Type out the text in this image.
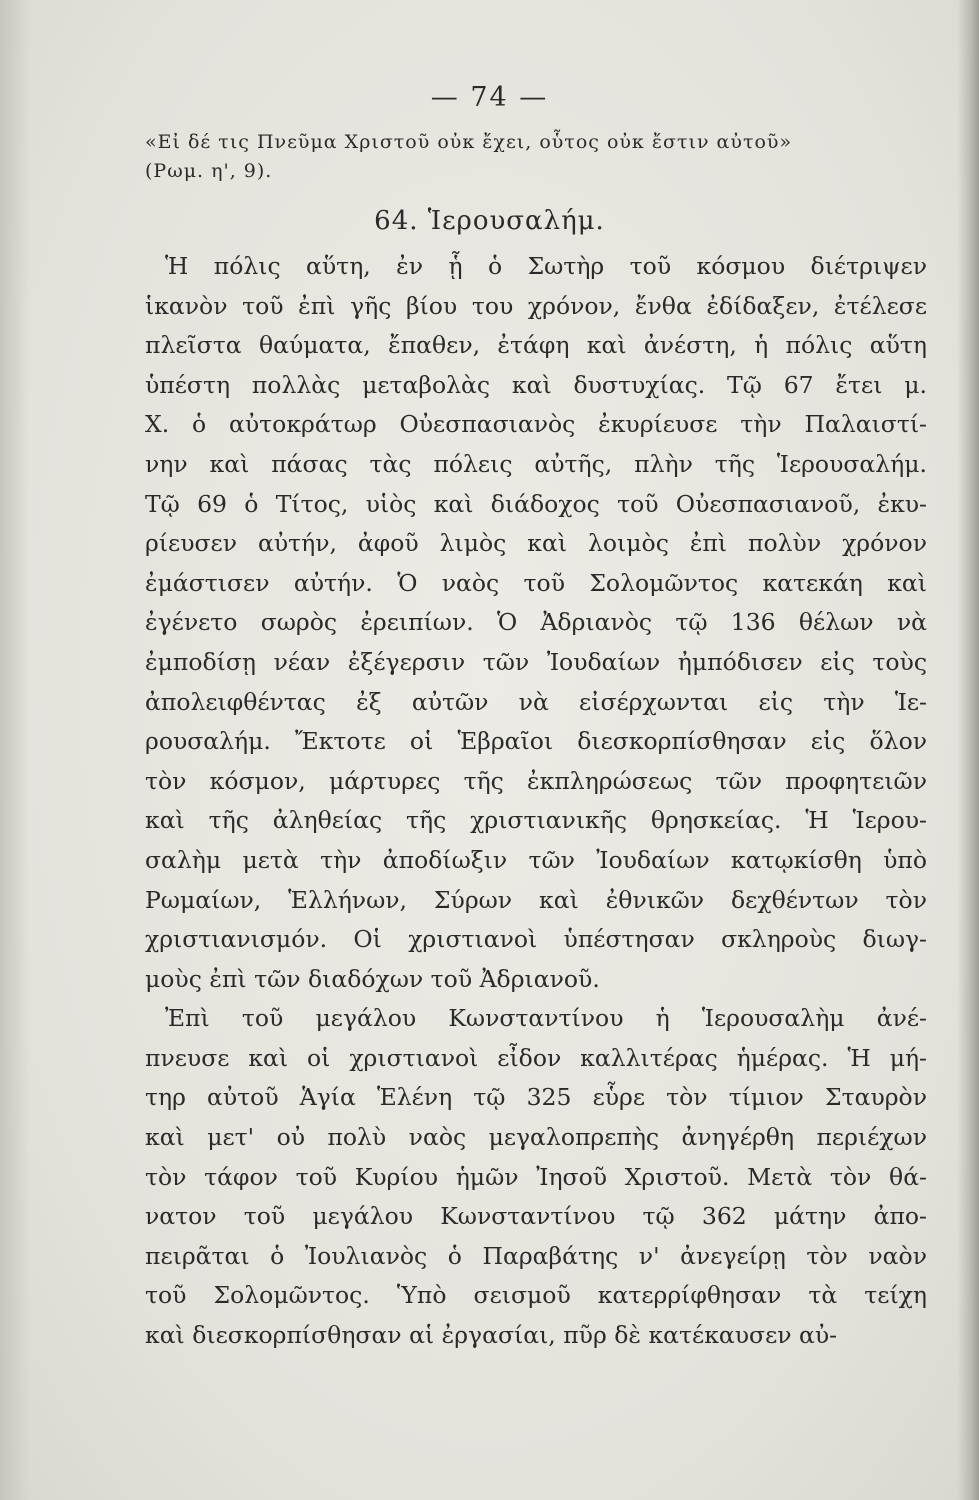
— 74 —
«Εἰ δέ τις Πνεῦμα Χριστοῦ οὐκ ἔχει, οὗτος οὐκ ἔστιν αὐτοῦ»
(Ρωμ. η', 9).
64. Ἱερουσαλήμ.
Ἡ πόλις αὕτη, ἐν ᾗ ὁ Σωτὴρ τοῦ κόσμου διέτριψεν
ἱκανὸν τοῦ ἐπὶ γῆς βίου του χρόνον, ἔνθα ἐδίδαξεν, ἐτέλεσε
πλεῖστα θαύματα, ἔπαθεν, ἐτάφη καὶ ἀνέστη, ἡ πόλις αὕτη
ὑπέστη πολλὰς μεταβολὰς καὶ δυστυχίας. Τῷ 67 ἔτει μ.
Χ. ὁ αὐτοκράτωρ Οὐεσπασιανὸς ἐκυρίευσε τὴν Παλαιστί-
νην καὶ πάσας τὰς πόλεις αὐτῆς, πλὴν τῆς Ἱερουσαλήμ.
Τῷ 69 ὁ Τίτος, υἱὸς καὶ διάδοχος τοῦ Οὐεσπασιανοῦ, ἐκυ-
ρίευσεν αὐτήν, ἀφοῦ λιμὸς καὶ λοιμὸς ἐπὶ πολὺν χρόνον
ἐμάστισεν αὐτήν. Ὁ ναὸς τοῦ Σολομῶντος κατεκάη καὶ
ἐγένετο σωρὸς ἐρειπίων. Ὁ Ἀδριανὸς τῷ 136 θέλων νὰ
ἐμποδίσῃ νέαν ἐξέγερσιν τῶν Ἰουδαίων ἠμπόδισεν εἰς τοὺς
ἀπολειφθέντας ἐξ αὐτῶν νὰ εἰσέρχωνται εἰς τὴν Ἱε-
ρουσαλήμ. Ἔκτοτε οἱ Ἑβραῖοι διεσκορπίσθησαν εἰς ὅλον
τὸν κόσμον, μάρτυρες τῆς ἐκπληρώσεως τῶν προφητειῶν
καὶ τῆς ἀληθείας τῆς χριστιανικῆς θρησκείας. Ἡ Ἱερου-
σαλὴμ μετὰ τὴν ἀποδίωξιν τῶν Ἰουδαίων κατῳκίσθη ὑπὸ
Ρωμαίων, Ἑλλήνων, Σύρων καὶ ἐθνικῶν δεχθέντων τὸν
χριστιανισμόν. Οἱ χριστιανοὶ ὑπέστησαν σκληροὺς διωγ-
μοὺς ἐπὶ τῶν διαδόχων τοῦ Ἀδριανοῦ.
Ἐπὶ τοῦ μεγάλου Κωνσταντίνου ἡ Ἱερουσαλὴμ ἀνέ-
πνευσε καὶ οἱ χριστιανοὶ εἶδον καλλιτέρας ἡμέρας. Ἡ μή-
τηρ αὐτοῦ Ἁγία Ἑλένη τῷ 325 εὗρε τὸν τίμιον Σταυρὸν
καὶ μετ' οὐ πολὺ ναὸς μεγαλοπρεπὴς ἀνηγέρθη περιέχων
τὸν τάφον τοῦ Κυρίου ἡμῶν Ἰησοῦ Χριστοῦ. Μετὰ τὸν θά-
νατον τοῦ μεγάλου Κωνσταντίνου τῷ 362 μάτην ἀπο-
πειρᾶται ὁ Ἰουλιανὸς ὁ Παραβάτης ν' ἀνεγείρῃ τὸν ναὸν
τοῦ Σολομῶντος. Ὑπὸ σεισμοῦ κατερρίφθησαν τὰ τείχη
καὶ διεσκορπίσθησαν αἱ ἐργασίαι, πῦρ δὲ κατέκαυσεν αὐ-
